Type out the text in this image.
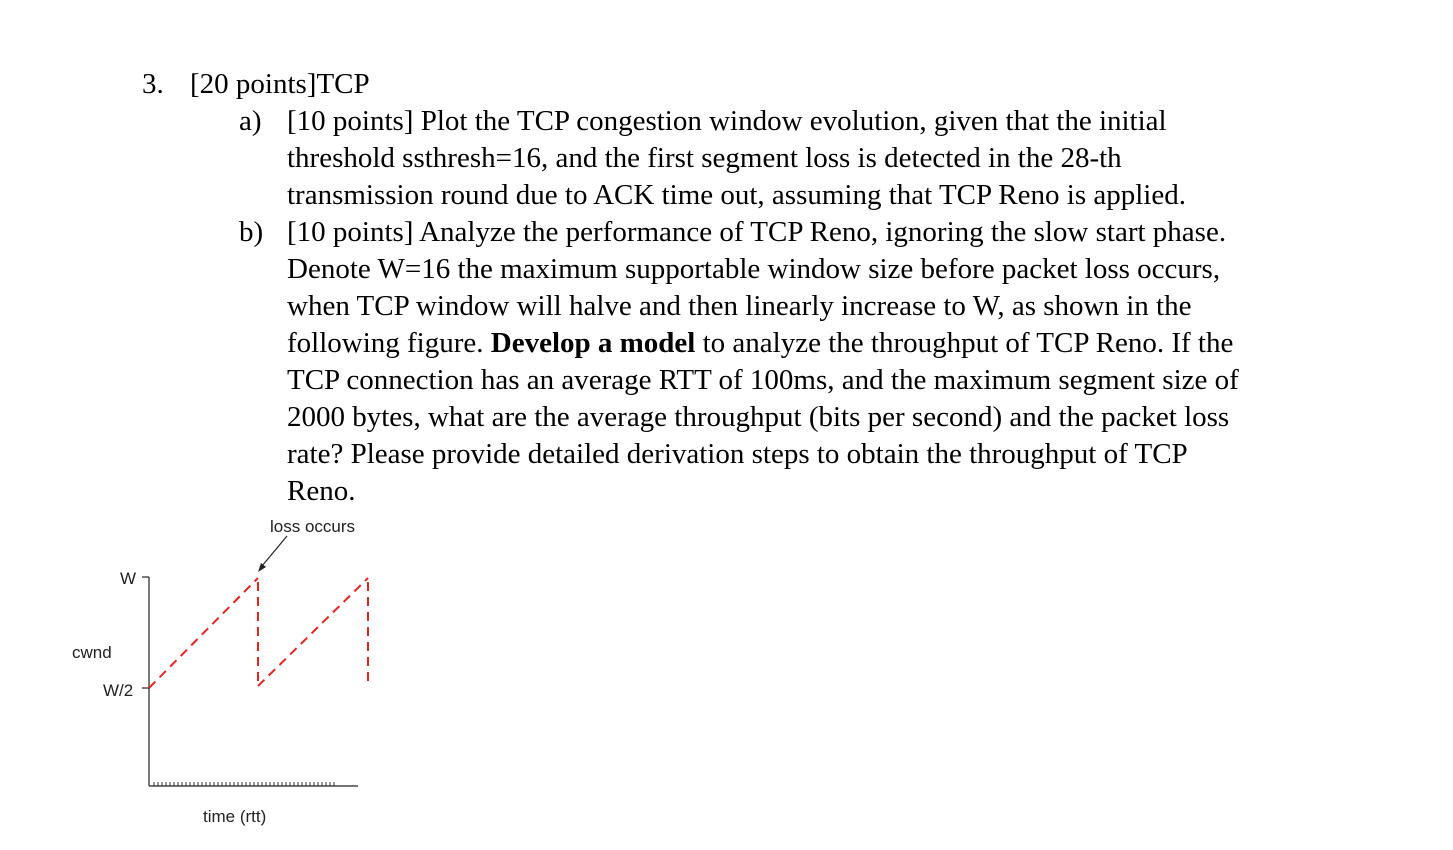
3. [20 points]TCP
a) [10 points] Plot the TCP congestion window evolution, given that the initial
threshold ssthresh=16, and the first segment loss is detected in the 28-th
transmission round due to ACK time out, assuming that TCP Reno is applied.
b) [10 points] Analyze the performance of TCP Reno, ignoring the slow start phase.
Denote W=16 the maximum supportable window size before packet loss occurs,
when TCP window will halve and then linearly increase to W, as shown in the
following figure. Develop a model to analyze the throughput of TCP Reno. If the
TCP connection has an average RTT of 100ms, and the maximum segment size of
2000 bytes, what are the average throughput (bits per second) and the packet loss
rate? Please provide detailed derivation steps to obtain the throughput of TCP
Reno.
loss occurs
W
W/2
cwnd
time (rtt)
